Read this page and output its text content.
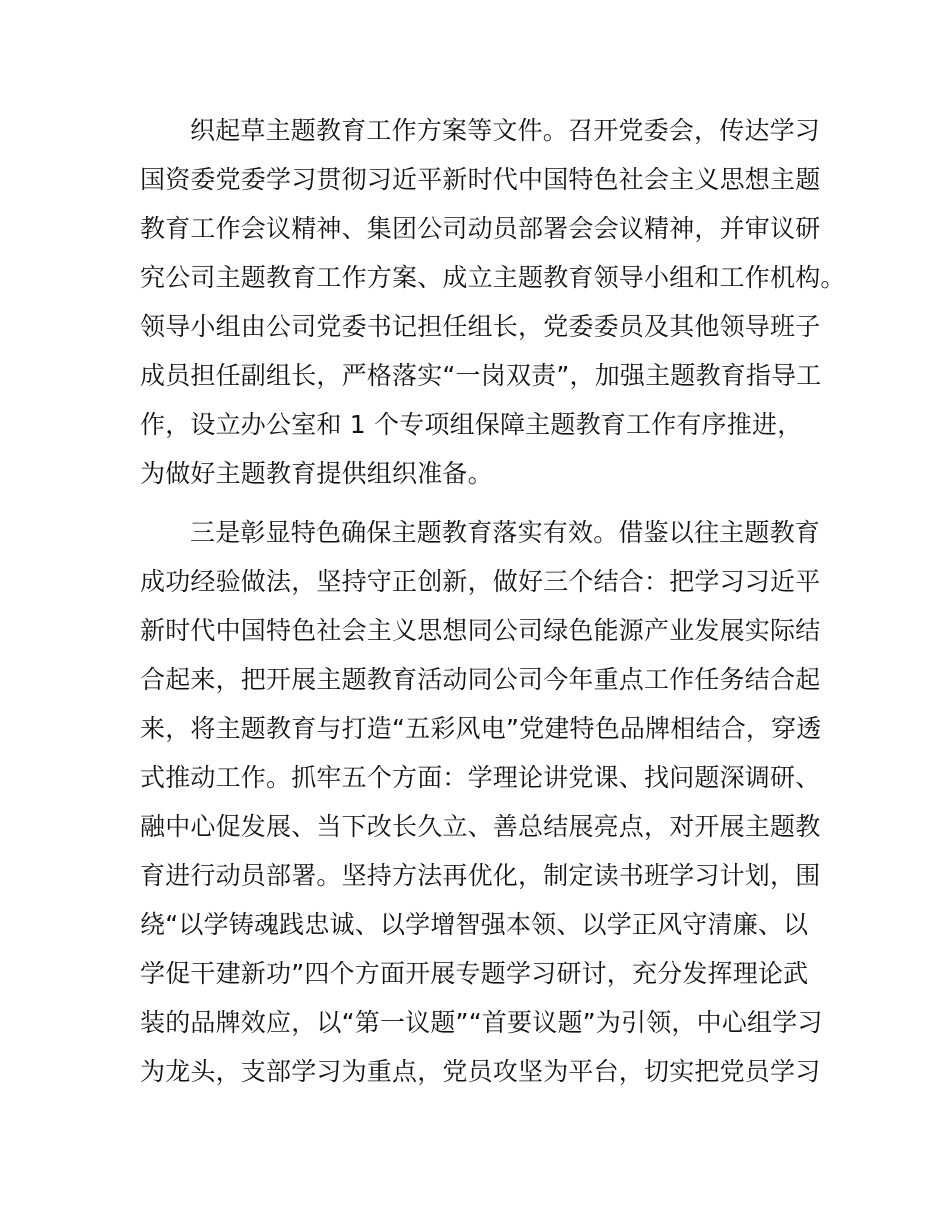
织起草主题教育工作方案等文件。召开党委会，传达学习
国资委党委学习贯彻习近平新时代中国特色社会主义思想主题
教育工作会议精神、集团公司动员部署会会议精神，并审议研
究公司主题教育工作方案、成立主题教育领导小组和工作机构。
领导小组由公司党委书记担任组长，党委委员及其他领导班子
成员担任副组长，严格落实“一岗双责”，加强主题教育指导工
作，设立办公室和 1 个专项组保障主题教育工作有序推进，
为做好主题教育提供组织准备。
三是彰显特色确保主题教育落实有效。借鉴以往主题教育
成功经验做法，坚持守正创新，做好三个结合：把学习习近平
新时代中国特色社会主义思想同公司绿色能源产业发展实际结
合起来，把开展主题教育活动同公司今年重点工作任务结合起
来，将主题教育与打造“五彩风电”党建特色品牌相结合，穿透
式推动工作。抓牢五个方面：学理论讲党课、找问题深调研、
融中心促发展、当下改长久立、善总结展亮点，对开展主题教
育进行动员部署。坚持方法再优化，制定读书班学习计划，围
绕“以学铸魂践忠诚、以学增智强本领、以学正风守清廉、以
学促干建新功”四个方面开展专题学习研讨，充分发挥理论武
装的品牌效应，以“第一议题”“首要议题”为引领，中心组学习
为龙头，支部学习为重点，党员攻坚为平台，切实把党员学习
